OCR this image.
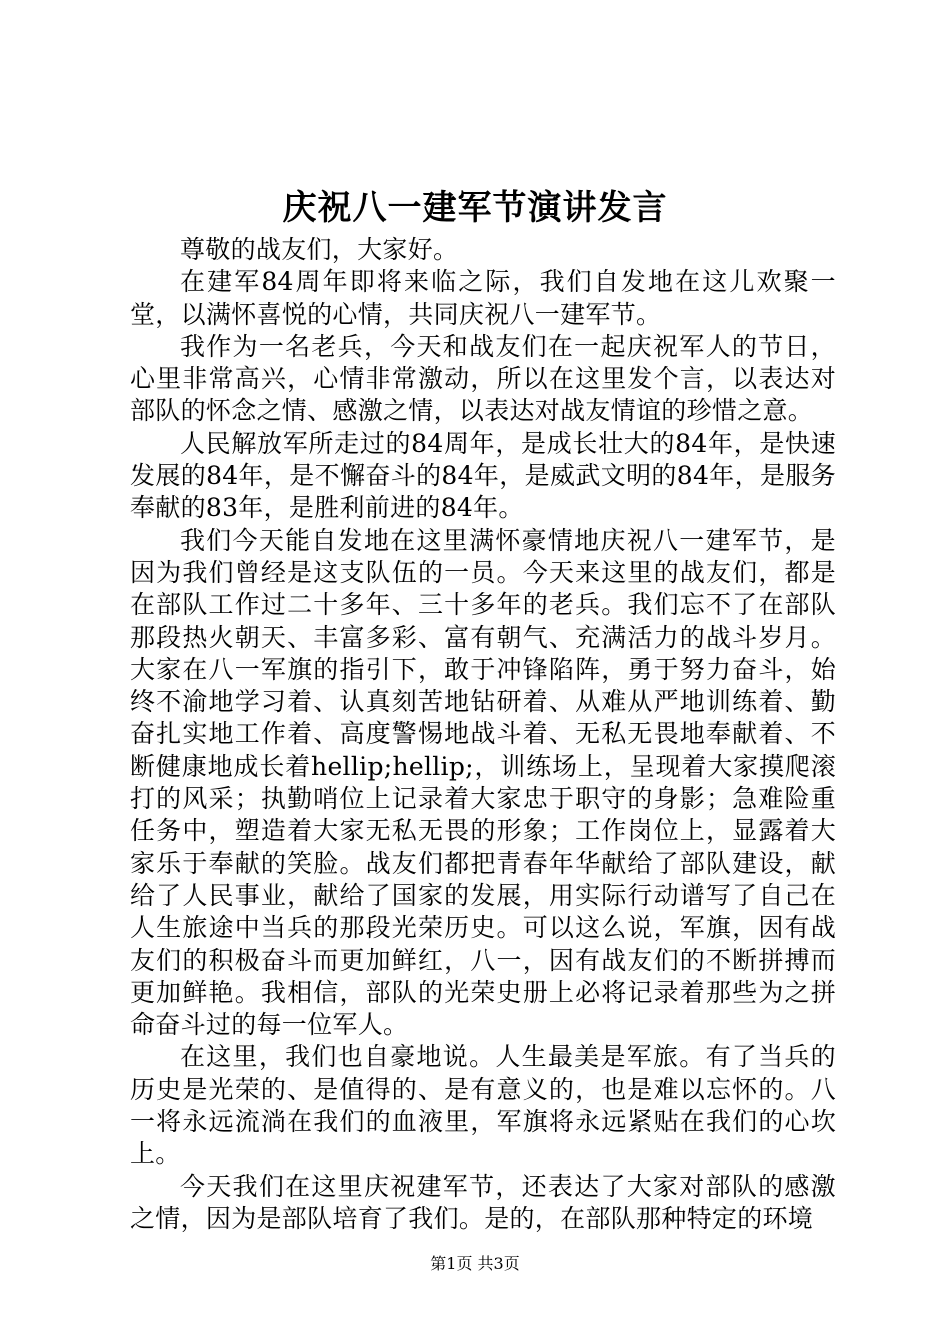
庆祝八一建军节演讲发言

尊敬的战友们，大家好。

在建军84周年即将来临之际，我们自发地在这儿欢聚一堂，以满怀喜悦的心情，共同庆祝八一建军节。

我作为一名老兵，今天和战友们在一起庆祝军人的节日，心里非常高兴，心情非常激动，所以在这里发个言，以表达对部队的怀念之情、感激之情，以表达对战友情谊的珍惜之意。

人民解放军所走过的84周年，是成长壮大的84年，是快速发展的84年，是不懈奋斗的84年，是威武文明的84年，是服务奉献的83年，是胜利前进的84年。

我们今天能自发地在这里满怀豪情地庆祝八一建军节，是因为我们曾经是这支队伍的一员。今天来这里的战友们，都是在部队工作过二十多年、三十多年的老兵。我们忘不了在部队那段热火朝天、丰富多彩、富有朝气、充满活力的战斗岁月。大家在八一军旗的指引下，敢于冲锋陷阵，勇于努力奋斗，始终不渝地学习着、认真刻苦地钻研着、从难从严地训练着、勤奋扎实地工作着、高度警惕地战斗着、无私无畏地奉献着、不断健康地成长着hellip;hellip;，训练场上，呈现着大家摸爬滚打的风采；执勤哨位上记录着大家忠于职守的身影；急难险重任务中，塑造着大家无私无畏的形象；工作岗位上，显露着大家乐于奉献的笑脸。战友们都把青春年华献给了部队建设，献给了人民事业，献给了国家的发展，用实际行动谱写了自己在人生旅途中当兵的那段光荣历史。可以这么说，军旗，因有战友们的积极奋斗而更加鲜红，八一，因有战友们的不断拼搏而更加鲜艳。我相信，部队的光荣史册上必将记录着那些为之拼命奋斗过的每一位军人。

在这里，我们也自豪地说。人生最美是军旅。有了当兵的历史是光荣的、是值得的、是有意义的，也是难以忘怀的。八一将永远流淌在我们的血液里，军旗将永远紧贴在我们的心坎上。

今天我们在这里庆祝建军节，还表达了大家对部队的感激之情，因为是部队培育了我们。是的，在部队那种特定的环境

第1页 共3页
